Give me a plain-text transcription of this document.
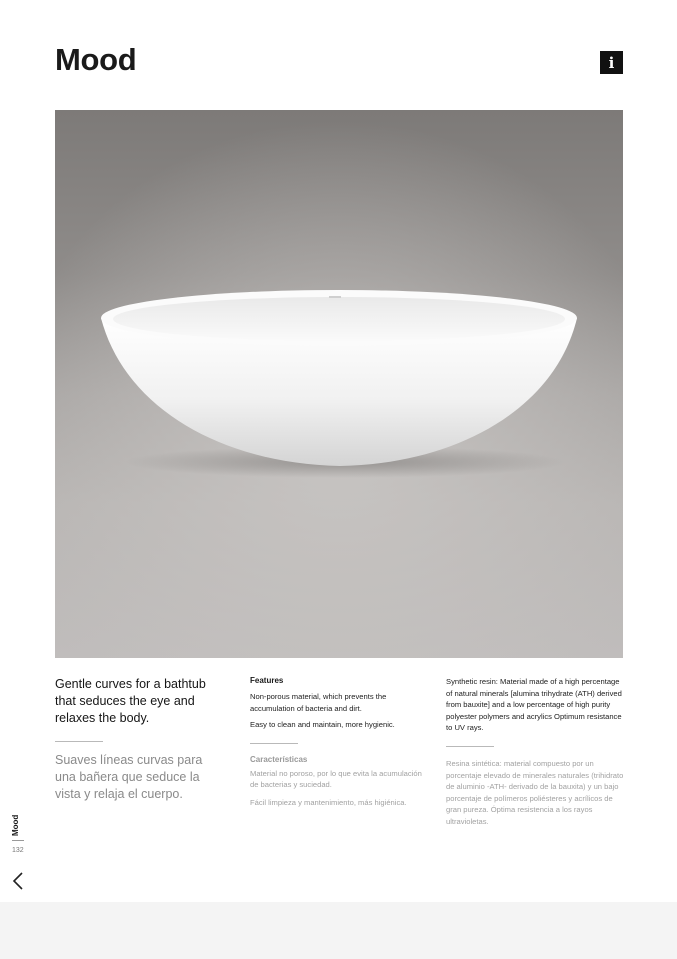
Mood	i

Gentle curves for a bathtub that seduces the eye and relaxes the body.

Suaves líneas curvas para una bañera que seduce la vista y relaja el cuerpo.

Features

Non-porous material, which prevents the accumulation of bacteria and dirt.

Easy to clean and maintain, more hygienic.

Características

Material no poroso, por lo que evita la acumulación de bacterias y suciedad.

Fácil limpieza y mantenimiento, más higiénica.

Synthetic resin: Material made of a high percentage of natural minerals [alumina trihydrate (ATH) derived from bauxite] and a low percentage of high purity polyester polymers and acrylics Optimum resistance to UV rays.

Resina sintética: material compuesto por un porcentaje elevado de minerales naturales (trihidrato de aluminio -ATH- derivado de la bauxita) y un bajo porcentaje de polímeros poliésteres y acrílicos de gran pureza. Óptima resistencia a los rayos ultravioletas.

Mood
132
